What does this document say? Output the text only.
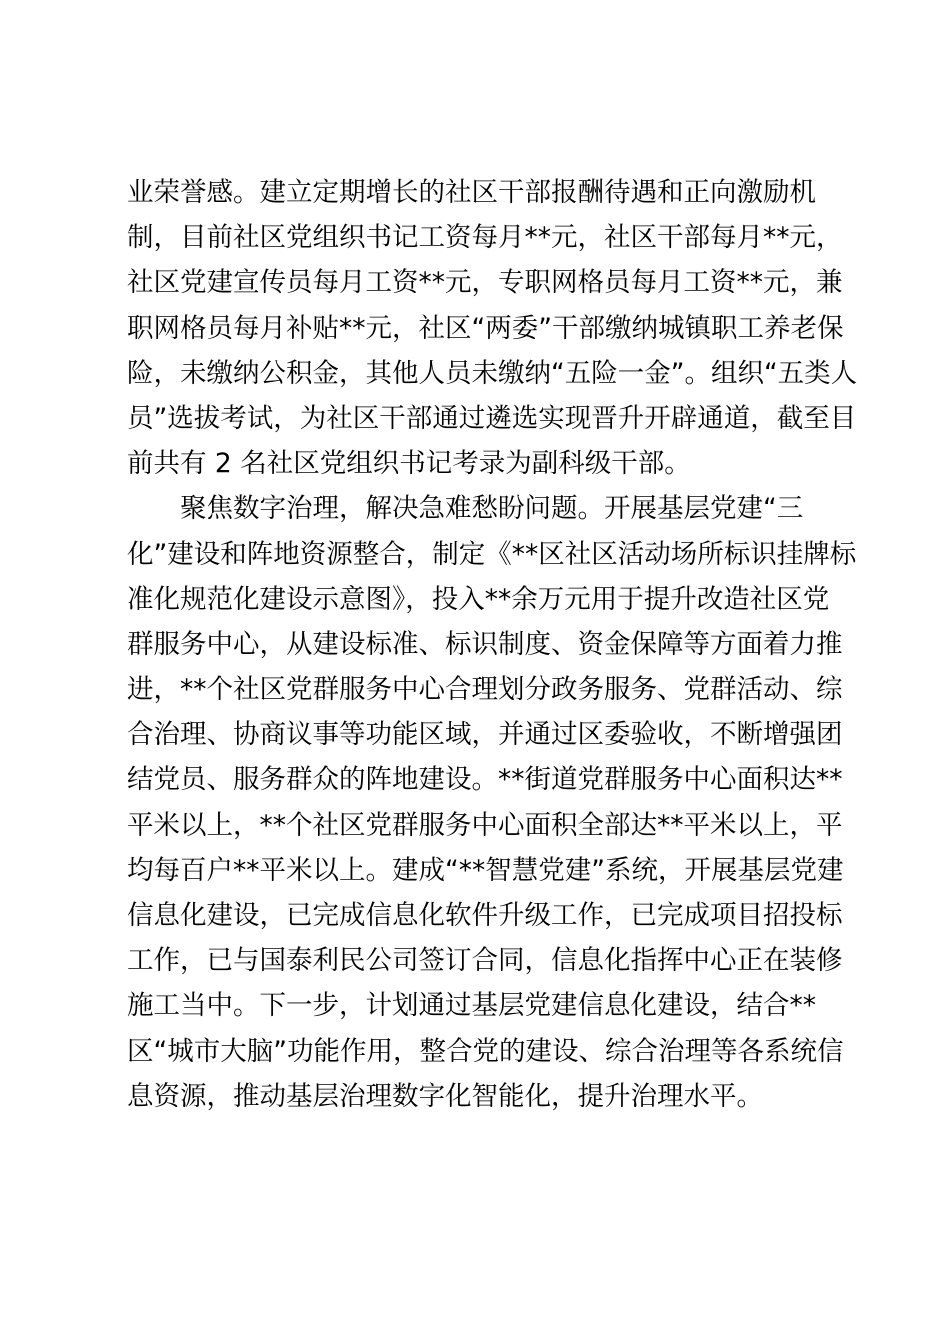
业荣誉感。建立定期增长的社区干部报酬待遇和正向激励机
制，目前社区党组织书记工资每月**元，社区干部每月**元，
社区党建宣传员每月工资**元，专职网格员每月工资**元，兼
职网格员每月补贴**元，社区“两委”干部缴纳城镇职工养老保
险，未缴纳公积金，其他人员未缴纳“五险一金”。组织“五类人
员”选拔考试，为社区干部通过遴选实现晋升开辟通道，截至目
前共有 2 名社区党组织书记考录为副科级干部。
　　聚焦数字治理，解决急难愁盼问题。开展基层党建“三
化”建设和阵地资源整合，制定《**区社区活动场所标识挂牌标
准化规范化建设示意图》，投入**余万元用于提升改造社区党
群服务中心，从建设标准、标识制度、资金保障等方面着力推
进，**个社区党群服务中心合理划分政务服务、党群活动、综
合治理、协商议事等功能区域，并通过区委验收，不断增强团
结党员、服务群众的阵地建设。**街道党群服务中心面积达**
平米以上，**个社区党群服务中心面积全部达**平米以上，平
均每百户**平米以上。建成“**智慧党建”系统，开展基层党建
信息化建设，已完成信息化软件升级工作，已完成项目招投标
工作，已与国泰利民公司签订合同，信息化指挥中心正在装修
施工当中。下一步，计划通过基层党建信息化建设，结合**
区“城市大脑”功能作用，整合党的建设、综合治理等各系统信
息资源，推动基层治理数字化智能化，提升治理水平。
